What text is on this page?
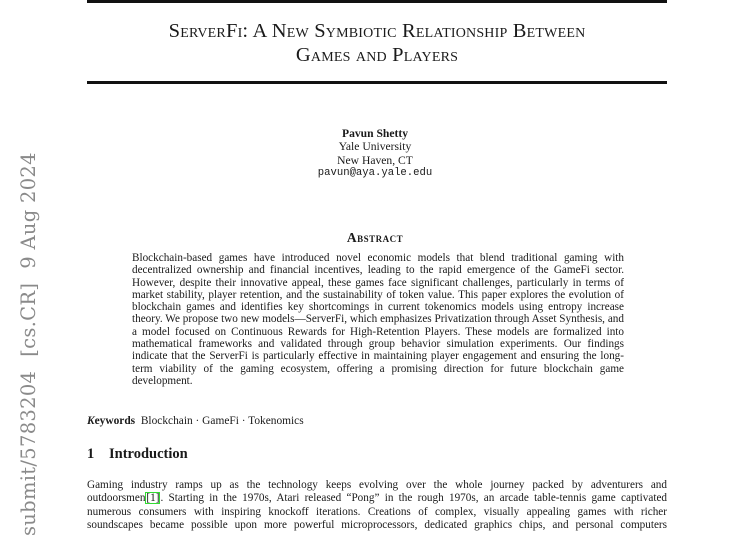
ServerFi: A New Symbiotic Relationship Between
Games and Players
Pavun Shetty
Yale University
New Haven, CT
pavun@aya.yale.edu
Abstract
Blockchain-based games have introduced novel economic models that blend traditional gaming with decentralized ownership and financial incentives, leading to the rapid emergence of the GameFi sector. However, despite their innovative appeal, these games face significant challenges, particularly in terms of market stability, player retention, and the sustainability of token value. This paper explores the evolution of blockchain games and identifies key shortcomings in current tokenomics models using entropy increase theory. We propose two new models—ServerFi, which emphasizes Privatization through Asset Synthesis, and a model focused on Continuous Rewards for High-Retention Players. These models are formalized into mathematical frameworks and validated through group behavior simulation experiments. Our findings indicate that the ServerFi is particularly effective in maintaining player engagement and ensuring the long-term viability of the gaming ecosystem, offering a promising direction for future blockchain game development.
Keywords Blockchain · GameFi · Tokenomics
1 Introduction
Gaming industry ramps up as the technology keeps evolving over the whole journey packed by adventurers and
outdoorsmen[1]. Starting in the 1970s, Atari released “Pong” in the rough 1970s, an arcade table-tennis game captivated
numerous consumers with inspiring knockoff iterations. Creations of complex, visually appealing games with richer
soundscapes became possible upon more powerful microprocessors, dedicated graphics chips, and personal computers
submit/5783204[cs.CR]9 Aug 2024
